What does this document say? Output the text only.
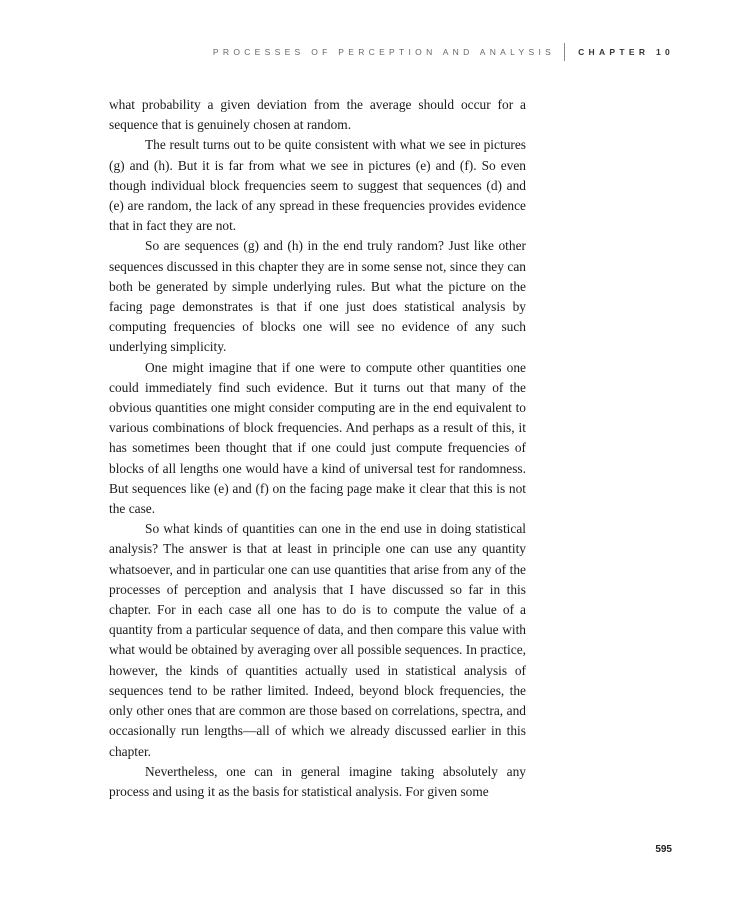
PROCESSES OF PERCEPTION AND ANALYSIS	CHAPTER 10

what probability a given deviation from the average should occur for a sequence that is genuinely chosen at random.

The result turns out to be quite consistent with what we see in pictures (g) and (h). But it is far from what we see in pictures (e) and (f). So even though individual block frequencies seem to suggest that sequences (d) and (e) are random, the lack of any spread in these frequencies provides evidence that in fact they are not.

So are sequences (g) and (h) in the end truly random? Just like other sequences discussed in this chapter they are in some sense not, since they can both be generated by simple underlying rules. But what the picture on the facing page demonstrates is that if one just does statistical analysis by computing frequencies of blocks one will see no evidence of any such underlying simplicity.

One might imagine that if one were to compute other quantities one could immediately find such evidence. But it turns out that many of the obvious quantities one might consider computing are in the end equivalent to various combinations of block frequencies. And perhaps as a result of this, it has sometimes been thought that if one could just compute frequencies of blocks of all lengths one would have a kind of universal test for randomness. But sequences like (e) and (f) on the facing page make it clear that this is not the case.

So what kinds of quantities can one in the end use in doing statistical analysis? The answer is that at least in principle one can use any quantity whatsoever, and in particular one can use quantities that arise from any of the processes of perception and analysis that I have discussed so far in this chapter. For in each case all one has to do is to compute the value of a quantity from a particular sequence of data, and then compare this value with what would be obtained by averaging over all possible sequences. In practice, however, the kinds of quantities actually used in statistical analysis of sequences tend to be rather limited. Indeed, beyond block frequencies, the only other ones that are common are those based on correlations, spectra, and occasionally run lengths—all of which we already discussed earlier in this chapter.

Nevertheless, one can in general imagine taking absolutely any process and using it as the basis for statistical analysis. For given some

595
